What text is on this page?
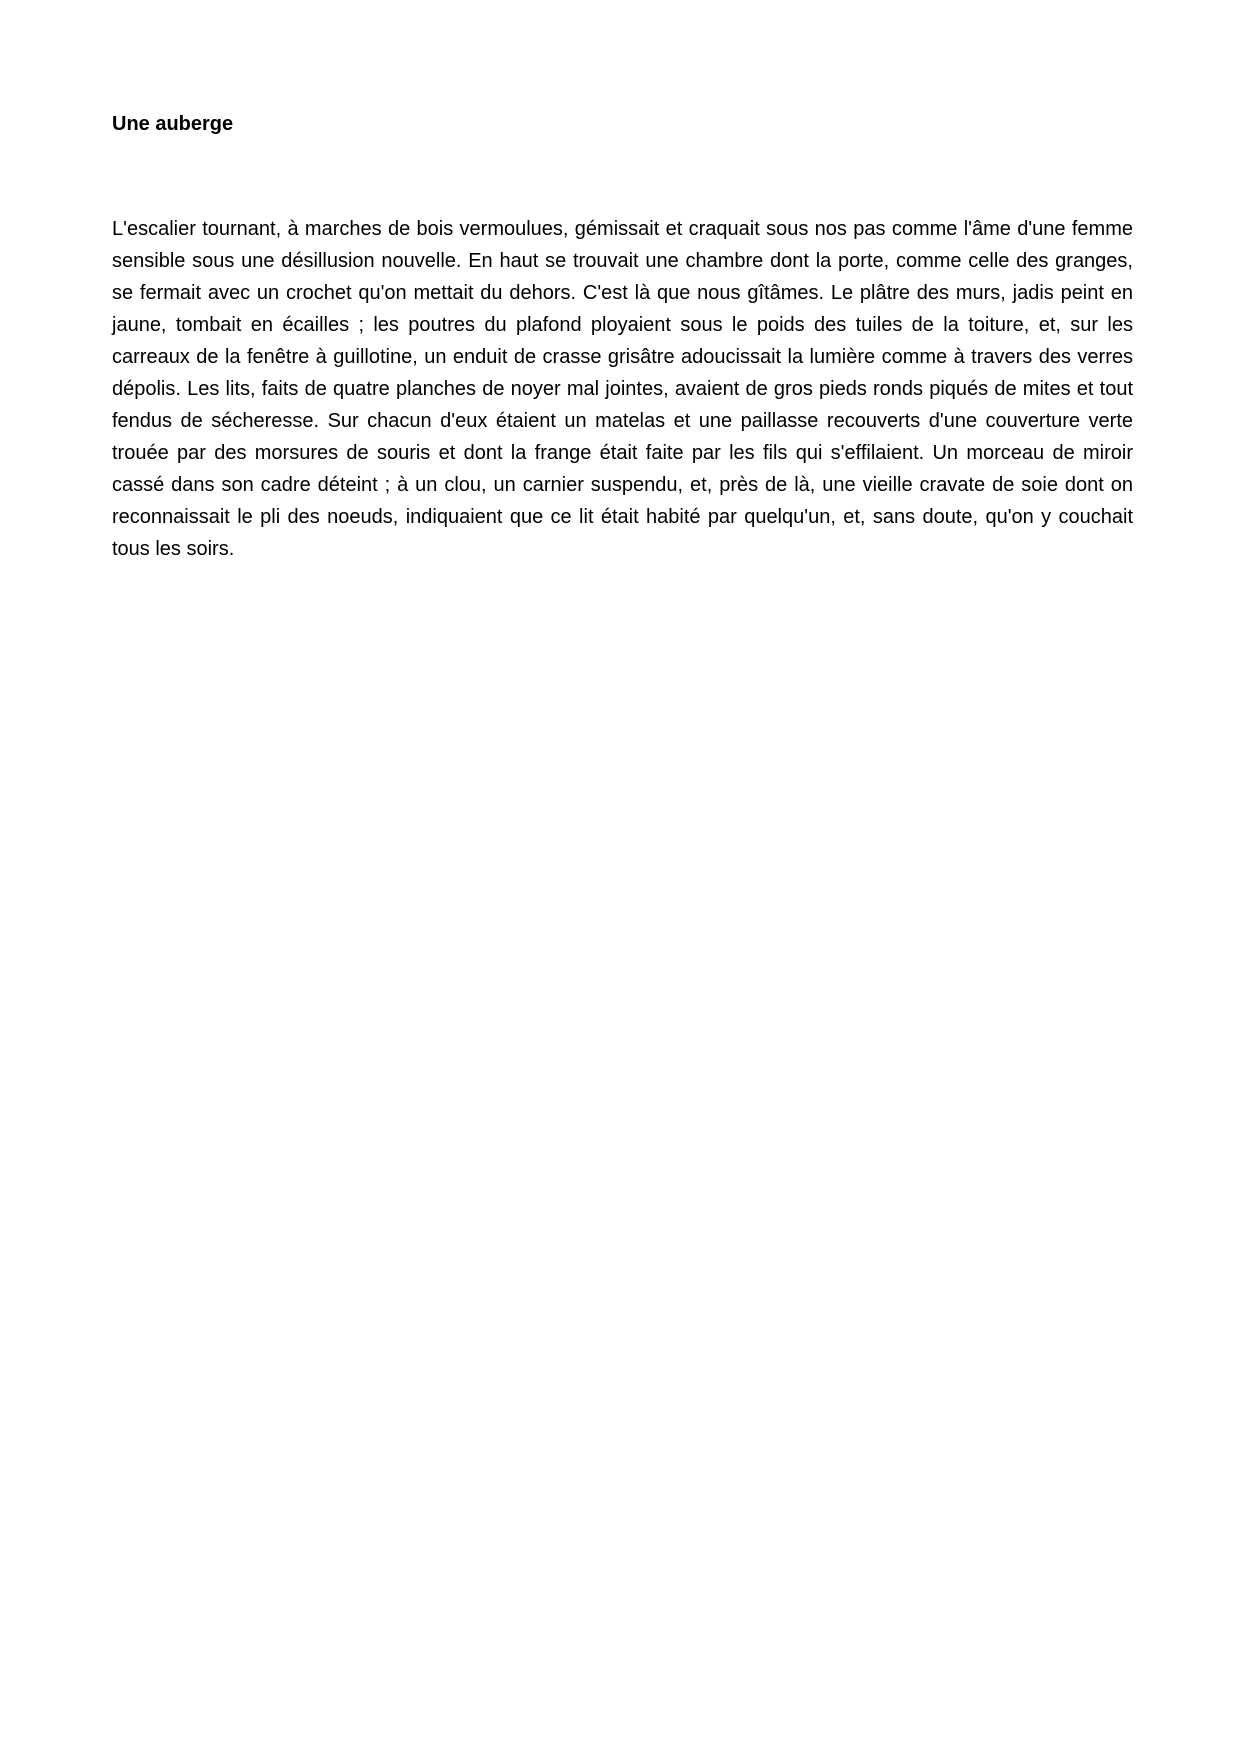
Une auberge

L'escalier tournant, à marches de bois vermoulues, gémissait et craquait sous nos pas comme l'âme d'une femme sensible sous une désillusion nouvelle. En haut se trouvait une chambre dont la porte, comme celle des granges, se fermait avec un crochet qu'on mettait du dehors. C'est là que nous gîtâmes. Le plâtre des murs, jadis peint en jaune, tombait en écailles ; les poutres du plafond ployaient sous le poids des tuiles de la toiture, et, sur les carreaux de la fenêtre à guillotine, un enduit de crasse grisâtre adoucissait la lumière comme à travers des verres dépolis. Les lits, faits de quatre planches de noyer mal jointes, avaient de gros pieds ronds piqués de mites et tout fendus de sécheresse. Sur chacun d'eux étaient un matelas et une paillasse recouverts d'une couverture verte trouée par des morsures de souris et dont la frange était faite par les fils qui s'effilaient. Un morceau de miroir cassé dans son cadre déteint ; à un clou, un carnier suspendu, et, près de là, une vieille cravate de soie dont on reconnaissait le pli des noeuds, indiquaient que ce lit était habité par quelqu'un, et, sans doute, qu'on y couchait tous les soirs.
